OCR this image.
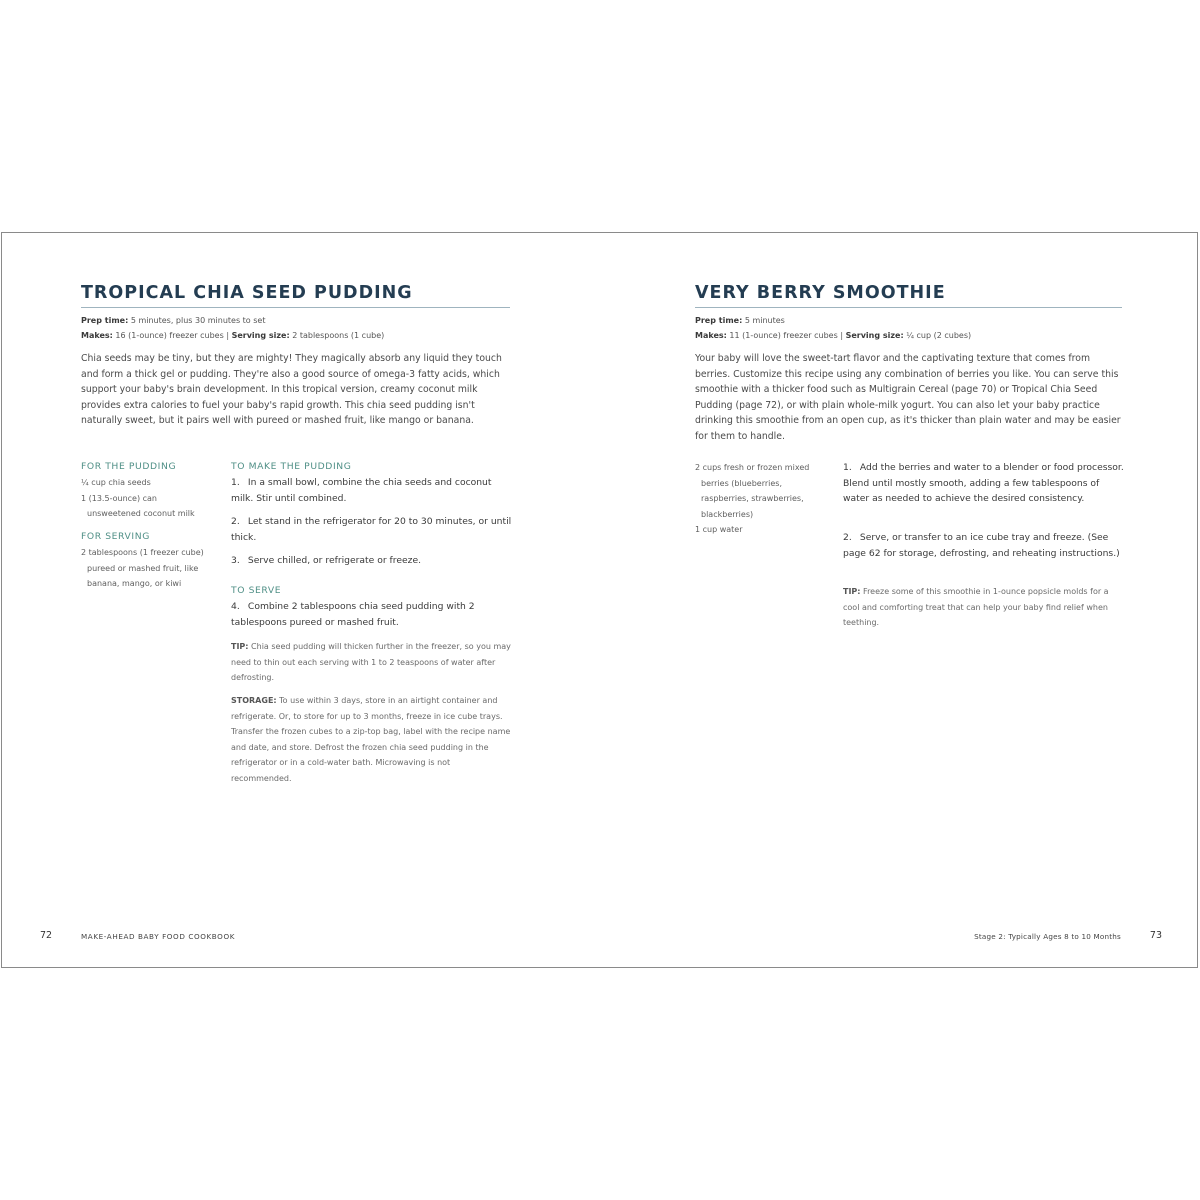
TROPICAL CHIA SEED PUDDING
Prep time: 5 minutes, plus 30 minutes to set
Makes: 16 (1-ounce) freezer cubes | Serving size: 2 tablespoons (1 cube)
Chia seeds may be tiny, but they are mighty! They magically absorb any liquid they touch and form a thick gel or pudding. They're also a good source of omega-3 fatty acids, which support your baby's brain development. In this tropical version, creamy coconut milk provides extra calories to fuel your baby's rapid growth. This chia seed pudding isn't naturally sweet, but it pairs well with pureed or mashed fruit, like mango or banana.
FOR THE PUDDING
¼ cup chia seeds
1 (13.5-ounce) can unsweetened coconut milk
FOR SERVING
2 tablespoons (1 freezer cube) pureed or mashed fruit, like banana, mango, or kiwi
TO MAKE THE PUDDING
1. In a small bowl, combine the chia seeds and coconut milk. Stir until combined.
2. Let stand in the refrigerator for 20 to 30 minutes, or until thick.
3. Serve chilled, or refrigerate or freeze.
TO SERVE
4. Combine 2 tablespoons chia seed pudding with 2 tablespoons pureed or mashed fruit.
TIP: Chia seed pudding will thicken further in the freezer, so you may need to thin out each serving with 1 to 2 teaspoons of water after defrosting.
STORAGE: To use within 3 days, store in an airtight container and refrigerate. Or, to store for up to 3 months, freeze in ice cube trays. Transfer the frozen cubes to a zip-top bag, label with the recipe name and date, and store. Defrost the frozen chia seed pudding in the refrigerator or in a cold-water bath. Microwaving is not recommended.
72	MAKE-AHEAD BABY FOOD COOKBOOK
VERY BERRY SMOOTHIE
Prep time: 5 minutes
Makes: 11 (1-ounce) freezer cubes | Serving size: ¼ cup (2 cubes)
Your baby will love the sweet-tart flavor and the captivating texture that comes from berries. Customize this recipe using any combination of berries you like. You can serve this smoothie with a thicker food such as Multigrain Cereal (page 70) or Tropical Chia Seed Pudding (page 72), or with plain whole-milk yogurt. You can also let your baby practice drinking this smoothie from an open cup, as it's thicker than plain water and may be easier for them to handle.
2 cups fresh or frozen mixed berries (blueberries, raspberries, strawberries, blackberries)
1 cup water
1. Add the berries and water to a blender or food processor. Blend until mostly smooth, adding a few tablespoons of water as needed to achieve the desired consistency.
2. Serve, or transfer to an ice cube tray and freeze. (See page 62 for storage, defrosting, and reheating instructions.)
TIP: Freeze some of this smoothie in 1-ounce popsicle molds for a cool and comforting treat that can help your baby find relief when teething.
Stage 2: Typically Ages 8 to 10 Months	73
